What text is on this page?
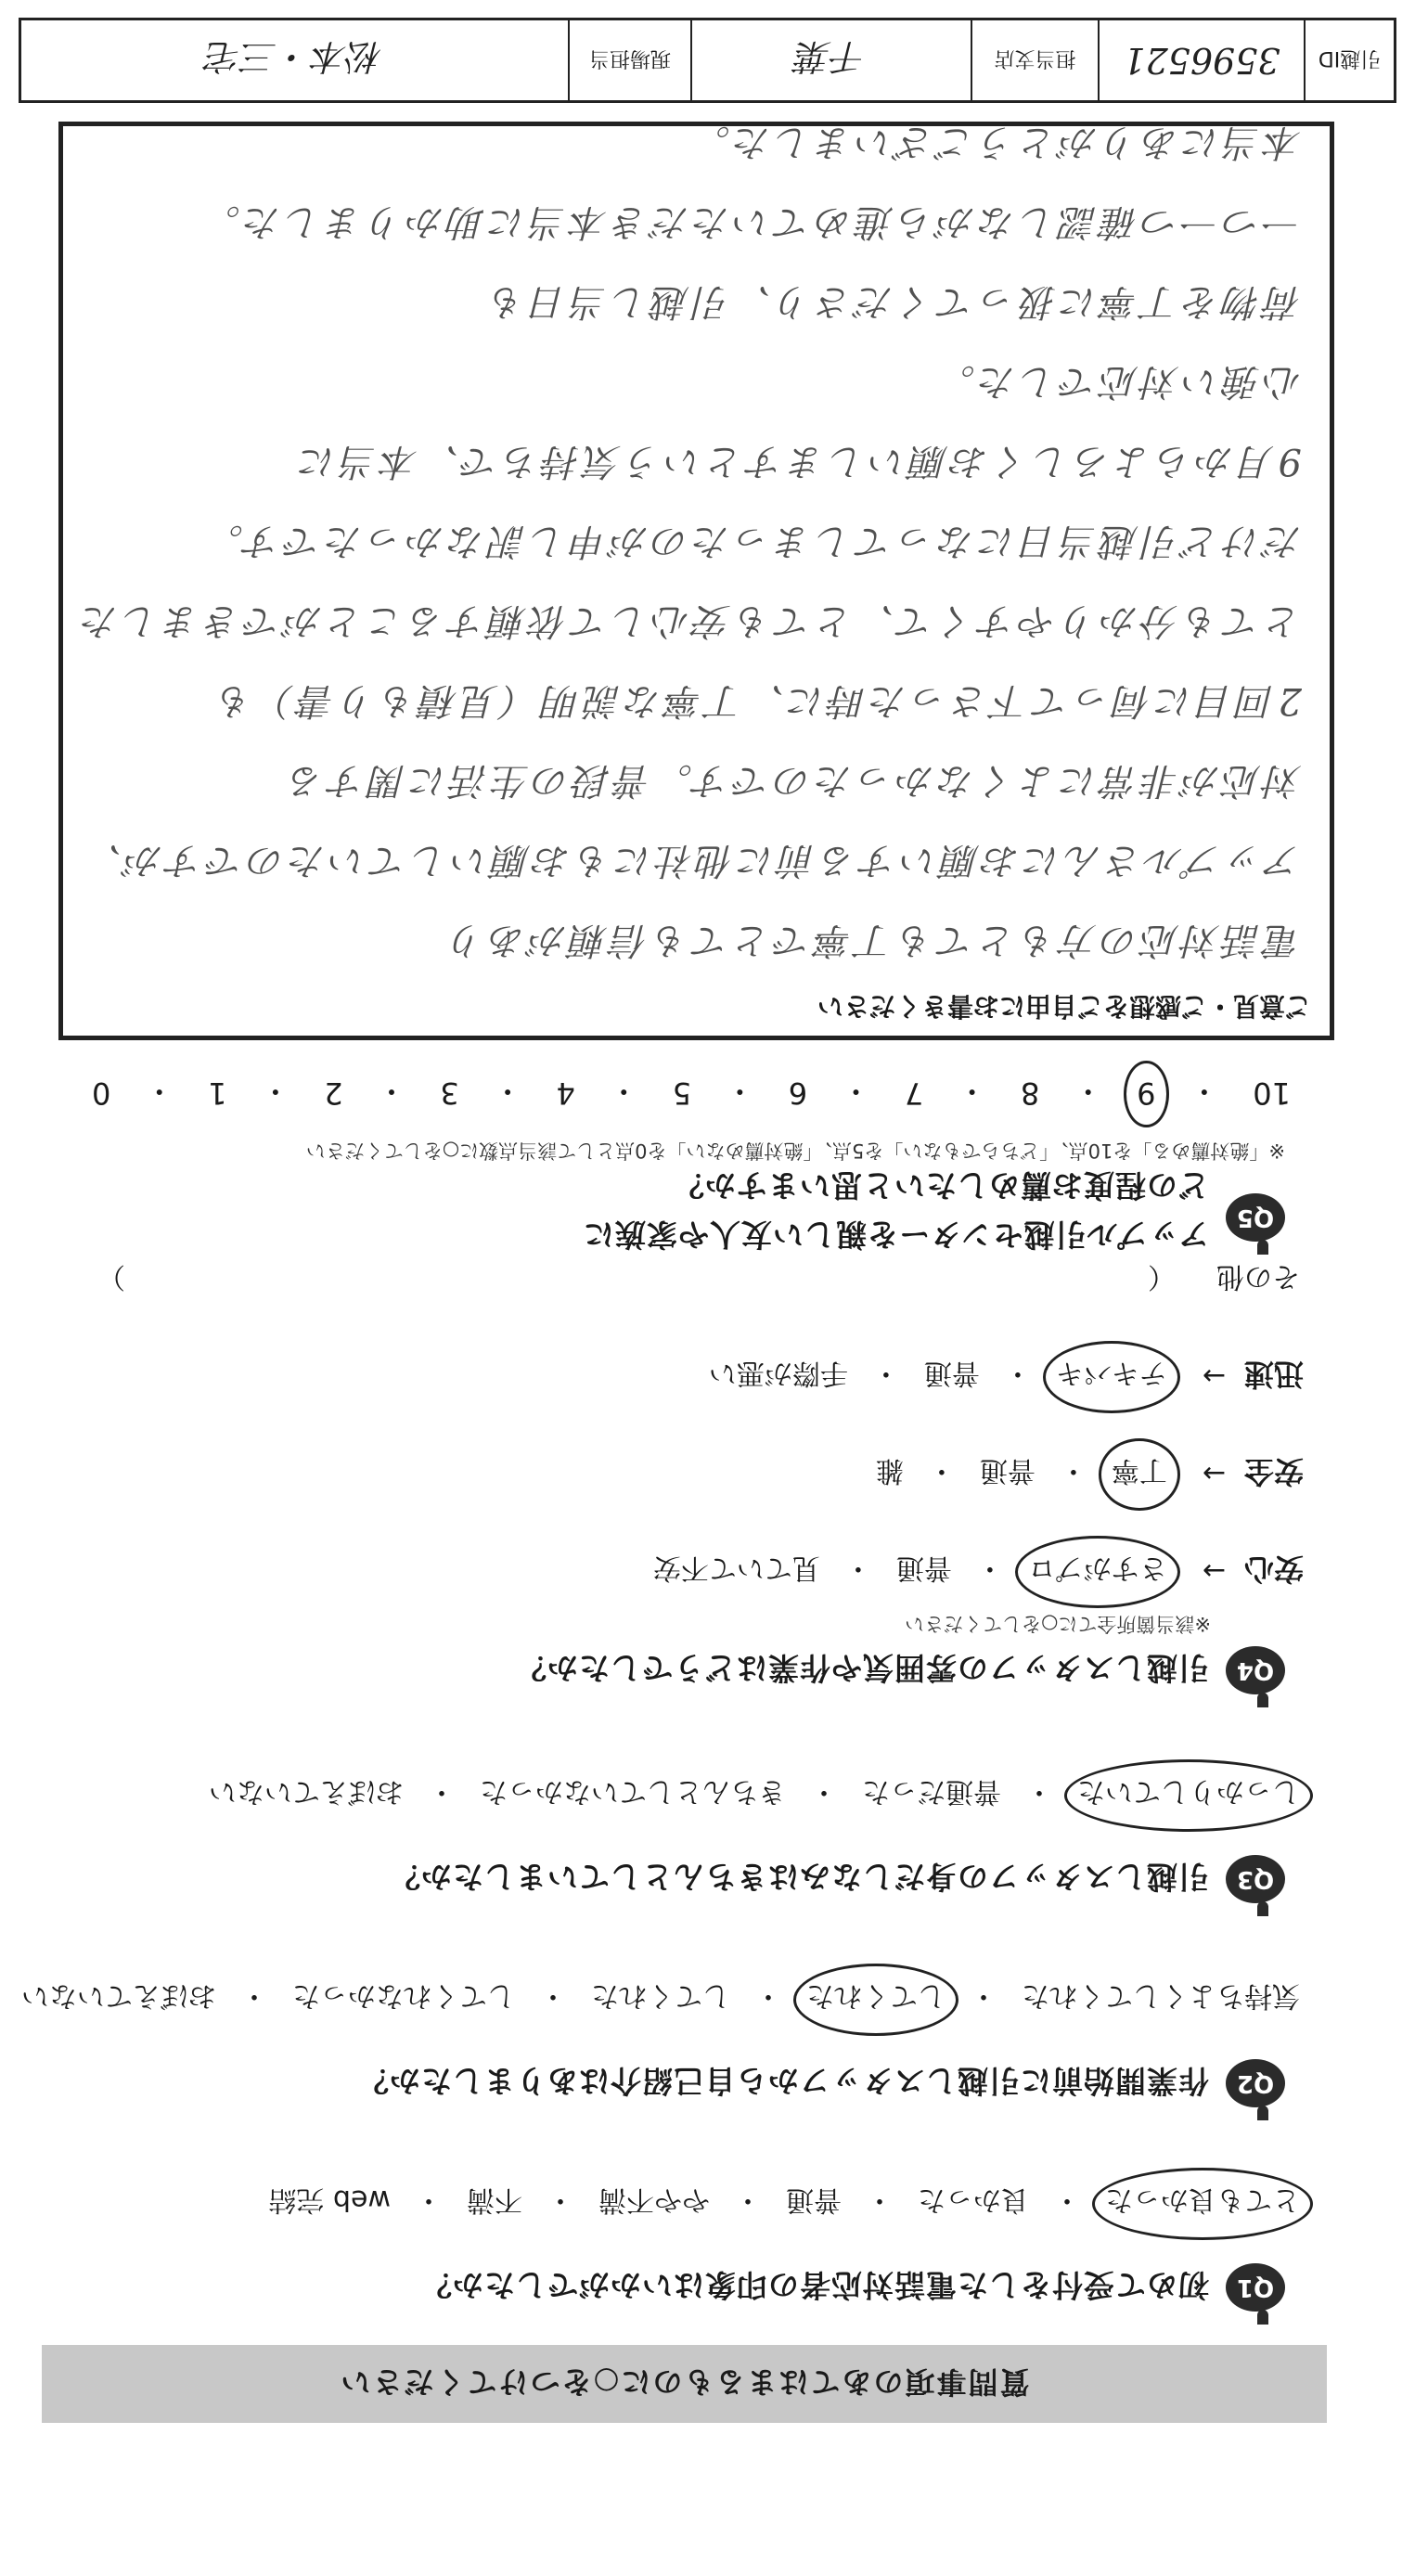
質問事項のあてはまるものに○をつけてください
Q1
初めて受付をした電話対応者の印象はいかがでしたか？
とても良かった
・
良かった
・
普通
・
やや不満
・
不満
・
web 完結
Q2
作業開始前に引越しスタッフから自己紹介はありましたか？
気持ちよくしてくれた
・
してくれた
・
してくれた
・
してくれなかった
・
おぼえていない
Q3
引越しスタッフの身だしなみはきちんとしていましたか？
しっかりしていた
・
普通だった
・
きちんとしていなかった
・
おぼえていない
Q4
引越しスタッフの雰囲気や作業はどうでしたか？
※該当箇所全てに○をしてください
安心
→
さすがプロ
・
普通
・
見ていて不安
安全
→
丁寧
・
普通
・
雑
迅速
→
テキパキ
・
普通
・
手際が悪い
その他
（
）
Q5
アップル引越センターを親しい友人や家族に
どの程度お薦めしたいと思いますか？
※「絶対薦める」を10点、「どちらでもない」を5点、「絶対薦めない」を0点として該当点数に○をしてください
10
・
9
・
8
・
7
・
6
・
5
・
4
・
3
・
2
・
1
・
0
ご意見・ご感想をご自由にお書きください
電話対応の方もとても丁寧でとても信頼があり
アップルさんにお願いする前に他社にもお願いしていたのですが、
対応が非常によくなかったのです。普段の生活に関する
2回目に伺って下さった時に、丁寧な説明（見積もり書）も
とても分かりやすくて、とても安心して依頼することができました
だけど引越当日になってしまったのが申し訳なかったです。
9月からよろしくお願いしますという気持ちで、本当に
心強い対応でした。
荷物を丁寧に扱ってくださり、引越し当日も
一つ一つ確認しながら進めていただき本当に助かりました。
本当にありがとうございました。
引越ID
3596521
担当支店
千葉
現場担当
松本・三宅
